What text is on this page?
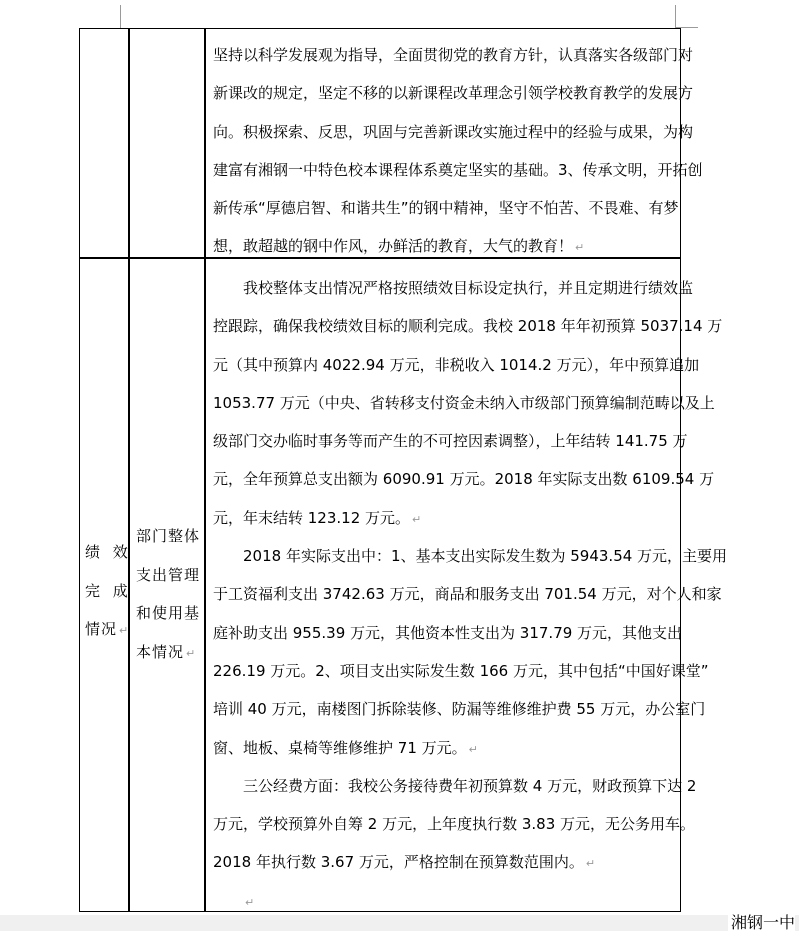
坚持以科学发展观为指导，全面贯彻党的教育方针，认真落实各级部门对
新课改的规定，坚定不移的以新课程改革理念引领学校教育教学的发展方
向。积极探索、反思，巩固与完善新课改实施过程中的经验与成果，为构
建富有湘钢一中特色校本课程体系奠定坚实的基础。3、传承文明，开拓创
新传承“厚德启智、和谐共生”的钢中精神，坚守不怕苦、不畏难、有梦
想，敢超越的钢中作风，办鲜活的教育，大气的教育！ ↵
绩 效
完 成
情况 ↵
部门整体
支出管理
和使用基
本情况 ↵
我校整体支出情况严格按照绩效目标设定执行，并且定期进行绩效监
控跟踪，确保我校绩效目标的顺利完成。我校 2018 年年初预算 5037.14 万
元（其中预算内 4022.94 万元，非税收入 1014.2 万元），年中预算追加
1053.77 万元（中央、省转移支付资金未纳入市级部门预算编制范畴以及上
级部门交办临时事务等而产生的不可控因素调整），上年结转 141.75 万
元，全年预算总支出额为 6090.91 万元。2018 年实际支出数 6109.54 万
元，年末结转 123.12 万元。 ↵
2018 年实际支出中：1、基本支出实际发生数为 5943.54 万元，主要用
于工资福利支出 3742.63 万元，商品和服务支出 701.54 万元，对个人和家
庭补助支出 955.39 万元，其他资本性支出为 317.79 万元，其他支出
226.19 万元。2、项目支出实际发生数 166 万元，其中包括“中国好课堂”
培训 40 万元，南楼图门拆除装修、防漏等维修维护费 55 万元，办公室门
窗、地板、桌椅等维修维护 71 万元。 ↵
三公经费方面：我校公务接待费年初预算数 4 万元，财政预算下达 2
万元，学校预算外自筹 2 万元，上年度执行数 3.83 万元，无公务用车。
2018 年执行数 3.67 万元，严格控制在预算数范围内。 ↵
↵
湘钢一中
